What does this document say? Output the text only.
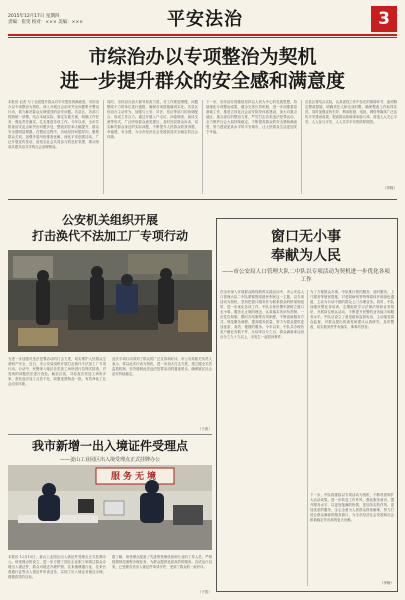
2015年12月17日 星期四
责编：崔雯 校对：××× 美编：×××	平安法治	3
市综治办以专项整治为契机
进一步提升群众的安全感和满意度
本报讯 记者 为了全面提升群众对平安建设的满意度，市综治办以专项整治为契机，深入开展社会治安突出问题集中整治行动，着力解决群众反映强烈的治安问题。各县区、各部门按照统一部署，结合本地实际，制定实施方案，明确工作任务，强化责任落实，扎实推进各项工作。今年以来，全市共排查治安乱点和突出问题多处，整改到位率大幅提升，群众安全感明显增强。在整治过程中，各地坚持问题导向，聚焦群众关切，加强矛盾纠纷排查化解，深化平安创建活动，广泛开展宣传发动，营造全社会共同参与的良好氛围，推动形成共建共治共享的社会治理格局。
同时，市综治办加大督导检查力度，对工作推进缓慢、问题整改不力的单位进行通报，确保各项措施落到实处。各县区综治办主动作为，加强与公安、司法、信访等部门的协调配合，形成工作合力。通过开展入户走访、问卷调查、座谈交流等形式，广泛听取群众意见建议，及时回应群众诉求，切实解决群众身边的实际问题，不断提升人民群众的获得感、幸福感、安全感，为全市经济社会发展营造安全稳定的社会环境。
下一步，市综治办将继续坚持以人民为中心的发展思想，持续深化专项整治成果，健全完善长效机制，进一步加强基层基础工作，推进立体化社会治安防控体系建设，加大对重点地区、重点部位的整治力度，严厉打击各类违法犯罪活动，全力维护社会大局持续稳定，不断提高群众的安全感和满意度，努力建设更高水平的平安城市，让人民群众生活更加安宁幸福。
各县区将结合实际，认真查找工作中存在的薄弱环节，逐项制定整改措施，明确责任人和完成时限，确保整改工作取得实效。同时加强宣传引导，利用报纸、电视、网络等媒体广泛宣传平安建设成果，提高群众知晓率和参与率，营造人人关心平安、人人参与平安、人人共享平安的浓厚氛围。
（李晓）
公安机关组织开展
打击涣代不法加工厂专项行动
为进一步加强对违法犯罪活动的打击力度，切实维护人民群众生命财产安全，近日，市公安局组织开展打击涣代不法加工厂专项行动。行动中，民警深入辖区各类加工场所进行拉网式排查，对发现的问题依法进行查处。截至目前，共检查各类加工场所多家，查处违法加工点若干处，收缴违禁物品一批，有效净化了社会治安环境。
此次专项行动得到了群众的广泛支持和好评。市公安局相关负责人表示，将以此次行动为契机，进一步加大打击力度，建立健全长效监管机制，坚决遏制此类违法犯罪活动的蔓延势头，确保辖区社会治安持续稳定。
（于波）
我市新增一出入境证件受理点
——姜山工业园区出入境受理点正式挂牌办公
服务无境
本报讯 12月15日，姜山工业园区出入境证件受理点正式挂牌办公。该受理点的设立，进一步方便了园区企业职工和周边群众办理出入境证件，群众可就近办理护照、往来港澳通行证、往来台湾通行证等出入境证件申请业务，实现了出入境业务就近办理、便捷高效的目标。
据了解，该受理点配备了先进的受理设备和专业的工作人员，严格按照规范流程办理业务，为群众提供优质高效的服务。自试运行以来，已受理各类出入境证件申请多件，受到了群众的一致好评。
（于智）
窗口无小事
奉献为人民
——市公安局人口管理大队二中队以专项活动为契机进一步优化各项工作
在全市深入开展群众路线教育实践活动中，市公安局人口管理大队二中队紧紧围绕便民利民这一主题，以专项活动为契机，坚持把窗口服务作为联系群众的桥梁和纽带，进一步优化各项工作。中队全体民警牢固树立窗口无小事、服务无止境的理念，认真落实首问负责制、一次性告知制、限时办结制等各项制度，不断创新服务方式，规范服务流程，提高服务质量，努力为群众提供更加优质、高效、便捷的服务。今年以来，中队共办理各类户籍业务数千件，办结率百分之百，群众满意率达到百分之九十九以上，未发生一起投诉事件。
为了方便群众办事，中队推行预约服务、延时服务、上门服务等便民措施，对老弱病残等特殊群体开辟绿色通道，主动为行动不便的群众上门办理业务。同时，中队加强民警业务培训，定期组织学习法律法规和业务知识，开展岗位练兵活动，不断提升民警的业务能力和服务水平。中队还设立了意见箱和监督电话，主动接受群众监督，对群众提出的意见和建议认真研究、及时整改，切实做到件件有落实、事事有回音。
下一步，中队将继续以专项活动为契机，不断巩固和扩大活动成果，进一步转变工作作风，强化服务意识，提升服务水平，以更加饱满的热情、更加务实的作风、更加优质的服务，全心全意为人民群众排忧解难，努力打造让群众满意的服务窗口，为全市经济社会发展和社会和谐稳定作出新的更大贡献。
（李楠）
